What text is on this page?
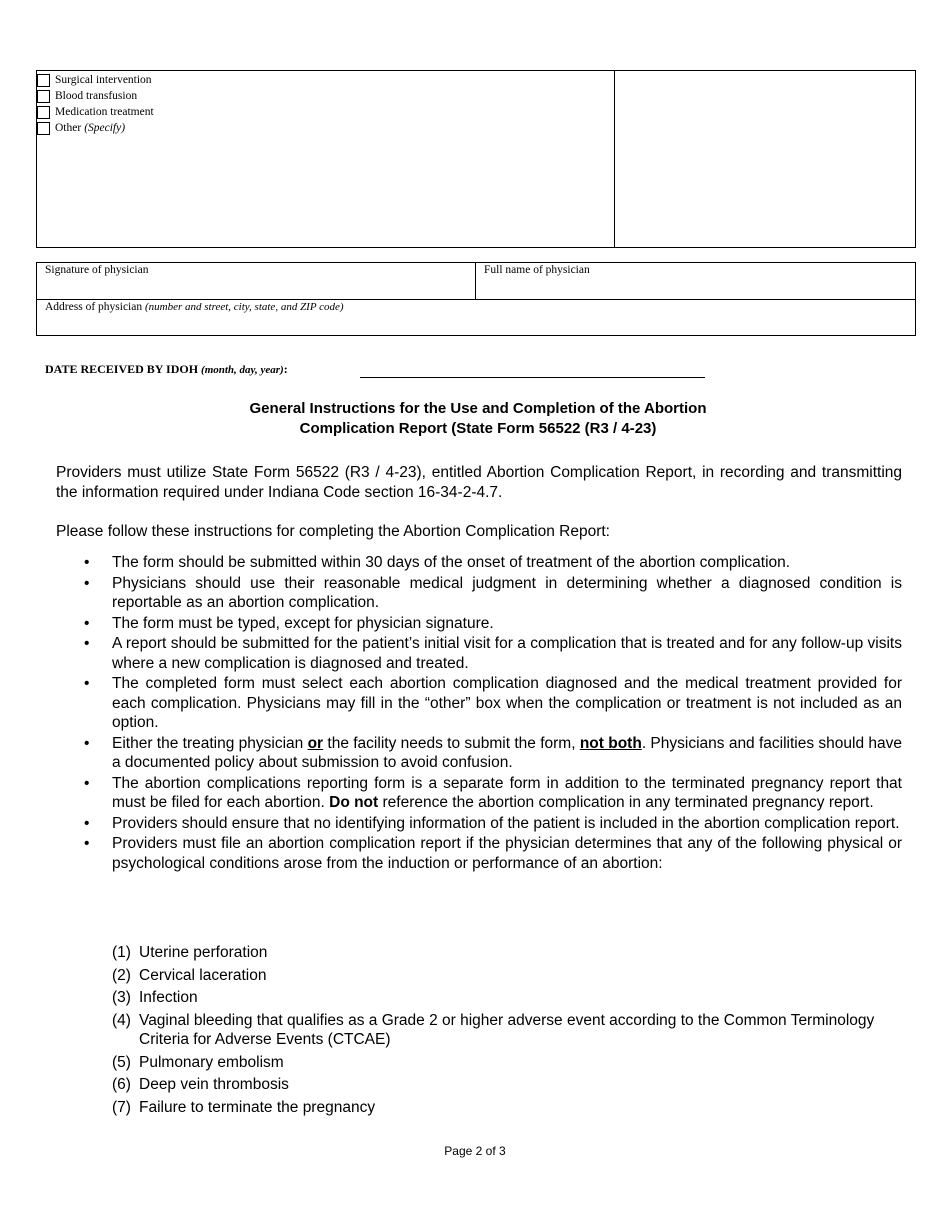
Surgical intervention
Blood transfusion
Medication treatment
Other (Specify)
Signature of physician	Full name of physician
Address of physician (number and street, city, state, and ZIP code)
DATE RECEIVED BY IDOH (month, day, year):
General Instructions for the Use and Completion of the Abortion
Complication Report (State Form 56522 (R3 / 4-23)
Providers must utilize State Form 56522 (R3 / 4-23), entitled Abortion Complication Report, in recording and transmitting the information required under Indiana Code section 16-34-2-4.7.
Please follow these instructions for completing the Abortion Complication Report:
• The form should be submitted within 30 days of the onset of treatment of the abortion complication.
• Physicians should use their reasonable medical judgment in determining whether a diagnosed condition is reportable as an abortion complication.
• The form must be typed, except for physician signature.
• A report should be submitted for the patient’s initial visit for a complication that is treated and for any follow-up visits where a new complication is diagnosed and treated.
• The completed form must select each abortion complication diagnosed and the medical treatment provided for each complication. Physicians may fill in the “other” box when the complication or treatment is not included as an option.
• Either the treating physician or the facility needs to submit the form, not both. Physicians and facilities should have a documented policy about submission to avoid confusion.
• The abortion complications reporting form is a separate form in addition to the terminated pregnancy report that must be filed for each abortion. Do not reference the abortion complication in any terminated pregnancy report.
• Providers should ensure that no identifying information of the patient is included in the abortion complication report.
• Providers must file an abortion complication report if the physician determines that any of the following physical or psychological conditions arose from the induction or performance of an abortion:
(1) Uterine perforation
(2) Cervical laceration
(3) Infection
(4) Vaginal bleeding that qualifies as a Grade 2 or higher adverse event according to the Common Terminology Criteria for Adverse Events (CTCAE)
(5) Pulmonary embolism
(6) Deep vein thrombosis
(7) Failure to terminate the pregnancy
Page 2 of 3
